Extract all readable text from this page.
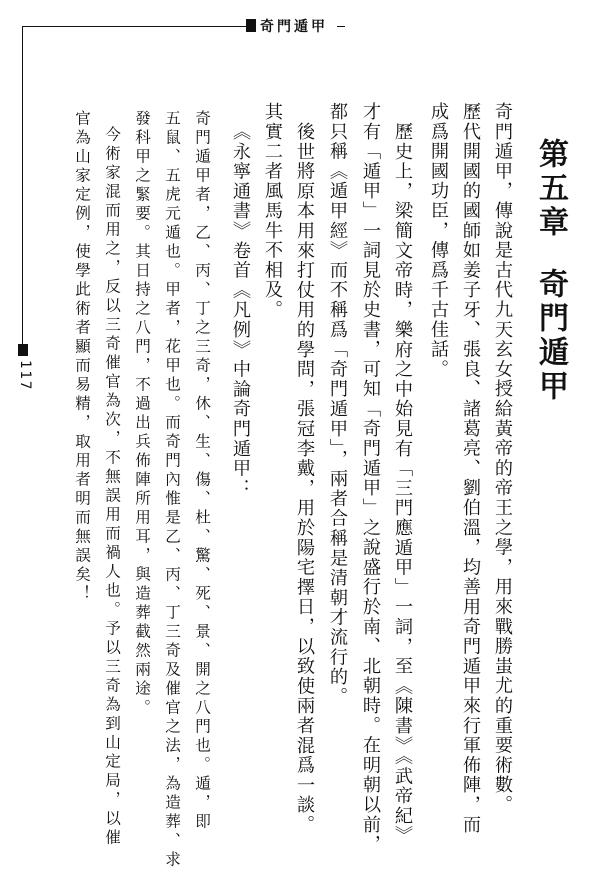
奇門遁甲
117
第五章
奇門遁甲
奇門遁甲，傳說是古代九天玄女授給黃帝的帝王之學，用來戰勝蚩尤的重要術數。
歷代開國的國師如姜子牙、張良、諸葛亮、劉伯溫，均善用奇門遁甲來行軍佈陣，而
成爲開國功臣，傳爲千古佳話。
歷史上，梁簡文帝時，樂府之中始見有「三門應遁甲」一詞，至《陳書》《武帝紀》
才有「遁甲」一詞見於史書，可知「奇門遁甲」之說盛行於南、北朝時。在明朝以前，
都只稱《遁甲經》而不稱爲「奇門遁甲」，兩者合稱是清朝才流行的。
後世將原本用來打仗用的學問，張冠李戴，用於陽宅擇日，以致使兩者混爲一談。
其實二者風馬牛不相及。
《永寧通書》卷首《凡例》中論奇門遁甲：
奇門遁甲者，乙、丙、丁之三奇，休、生、傷、杜、驚、死、景、開之八門也。遁，即
五鼠、五虎元遁也。甲者，花甲也。而奇門內惟是乙、丙、丁三奇及催官之法，為造葬、求
發科甲之緊要。其日持之八門，不過出兵佈陣所用耳，與造葬截然兩途。
今術家混而用之，反以三奇催官為次，不無誤用而禍人也。予以三奇為到山定局，以催
官為山家定例，使學此術者顯而易精，取用者明而無誤矣！
